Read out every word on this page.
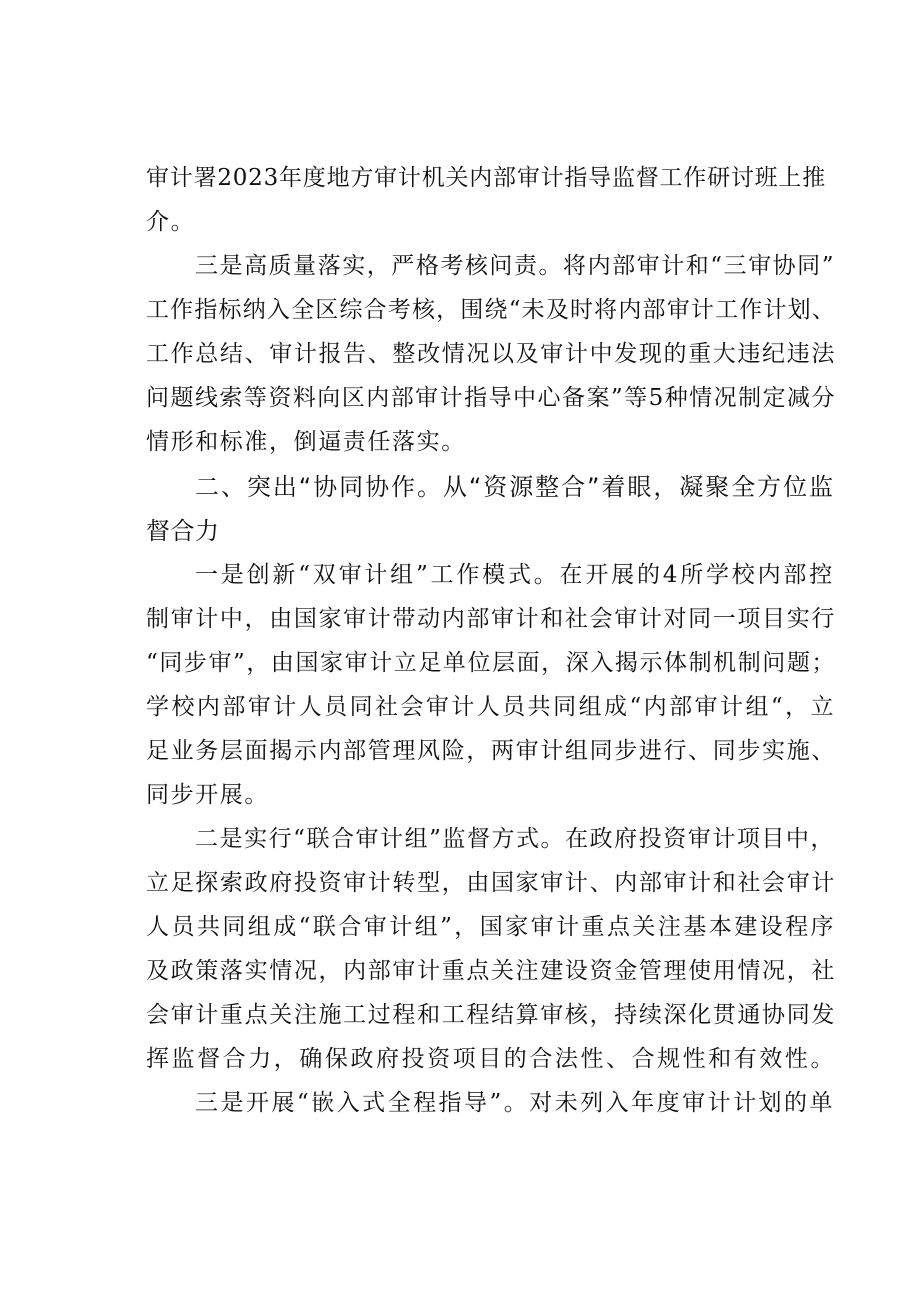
审计署2023年度地方审计机关内部审计指导监督工作研讨班上推
介。
三是高质量落实，严格考核问责。将内部审计和“三审协同”
工作指标纳入全区综合考核，围绕“未及时将内部审计工作计划、
工作总结、审计报告、整改情况以及审计中发现的重大违纪违法
问题线索等资料向区内部审计指导中心备案”等5种情况制定减分
情形和标准，倒逼责任落实。
二、突出“协同协作。从“资源整合”着眼，凝聚全方位监
督合力
一是创新“双审计组”工作模式。在开展的4所学校内部控
制审计中，由国家审计带动内部审计和社会审计对同一项目实行
“同步审”，由国家审计立足单位层面，深入揭示体制机制问题；
学校内部审计人员同社会审计人员共同组成“内部审计组“，立
足业务层面揭示内部管理风险，两审计组同步进行、同步实施、
同步开展。
二是实行“联合审计组”监督方式。在政府投资审计项目中，
立足探索政府投资审计转型，由国家审计、内部审计和社会审计
人员共同组成“联合审计组”，国家审计重点关注基本建设程序
及政策落实情况，内部审计重点关注建设资金管理使用情况，社
会审计重点关注施工过程和工程结算审核，持续深化贯通协同发
挥监督合力，确保政府投资项目的合法性、合规性和有效性。
三是开展“嵌入式全程指导”。对未列入年度审计计划的单
